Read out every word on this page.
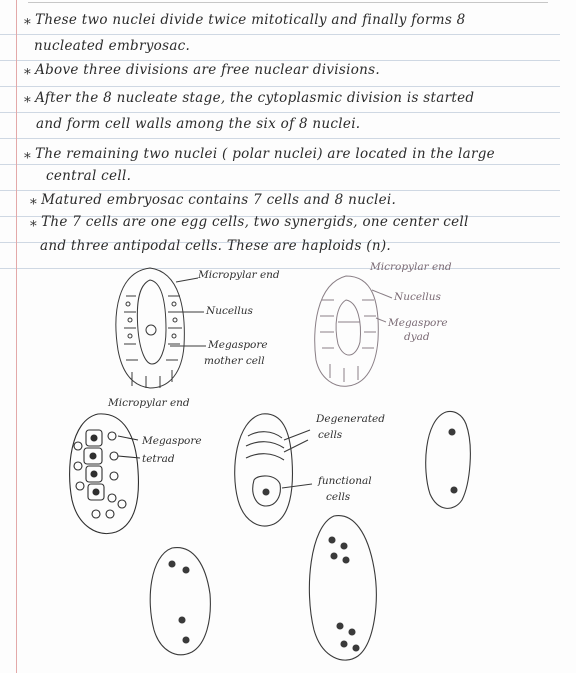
⁎ These two nuclei divide twice mitotically and finally forms 8
nucleated embryosac.
⁎ Above three divisions are free nuclear divisions.
⁎ After the 8 nucleate stage, the cytoplasmic division is started
and form cell walls among the six of 8 nuclei.
⁎ The remaining two nuclei ( polar nuclei) are located in the large
central cell.
⁎ Matured embryosac contains 7 cells and 8 nuclei.
⁎ The 7 cells are one egg cells, two synergids, one center cell
and three antipodal cells. These are haploids (n).
Micropylar end
Nucellus
Megaspore
mother cell
Micropylar end
Nucellus
Megaspore
dyad
Micropylar end
Megaspore
tetrad
Degenerated
cells
functional
cells
